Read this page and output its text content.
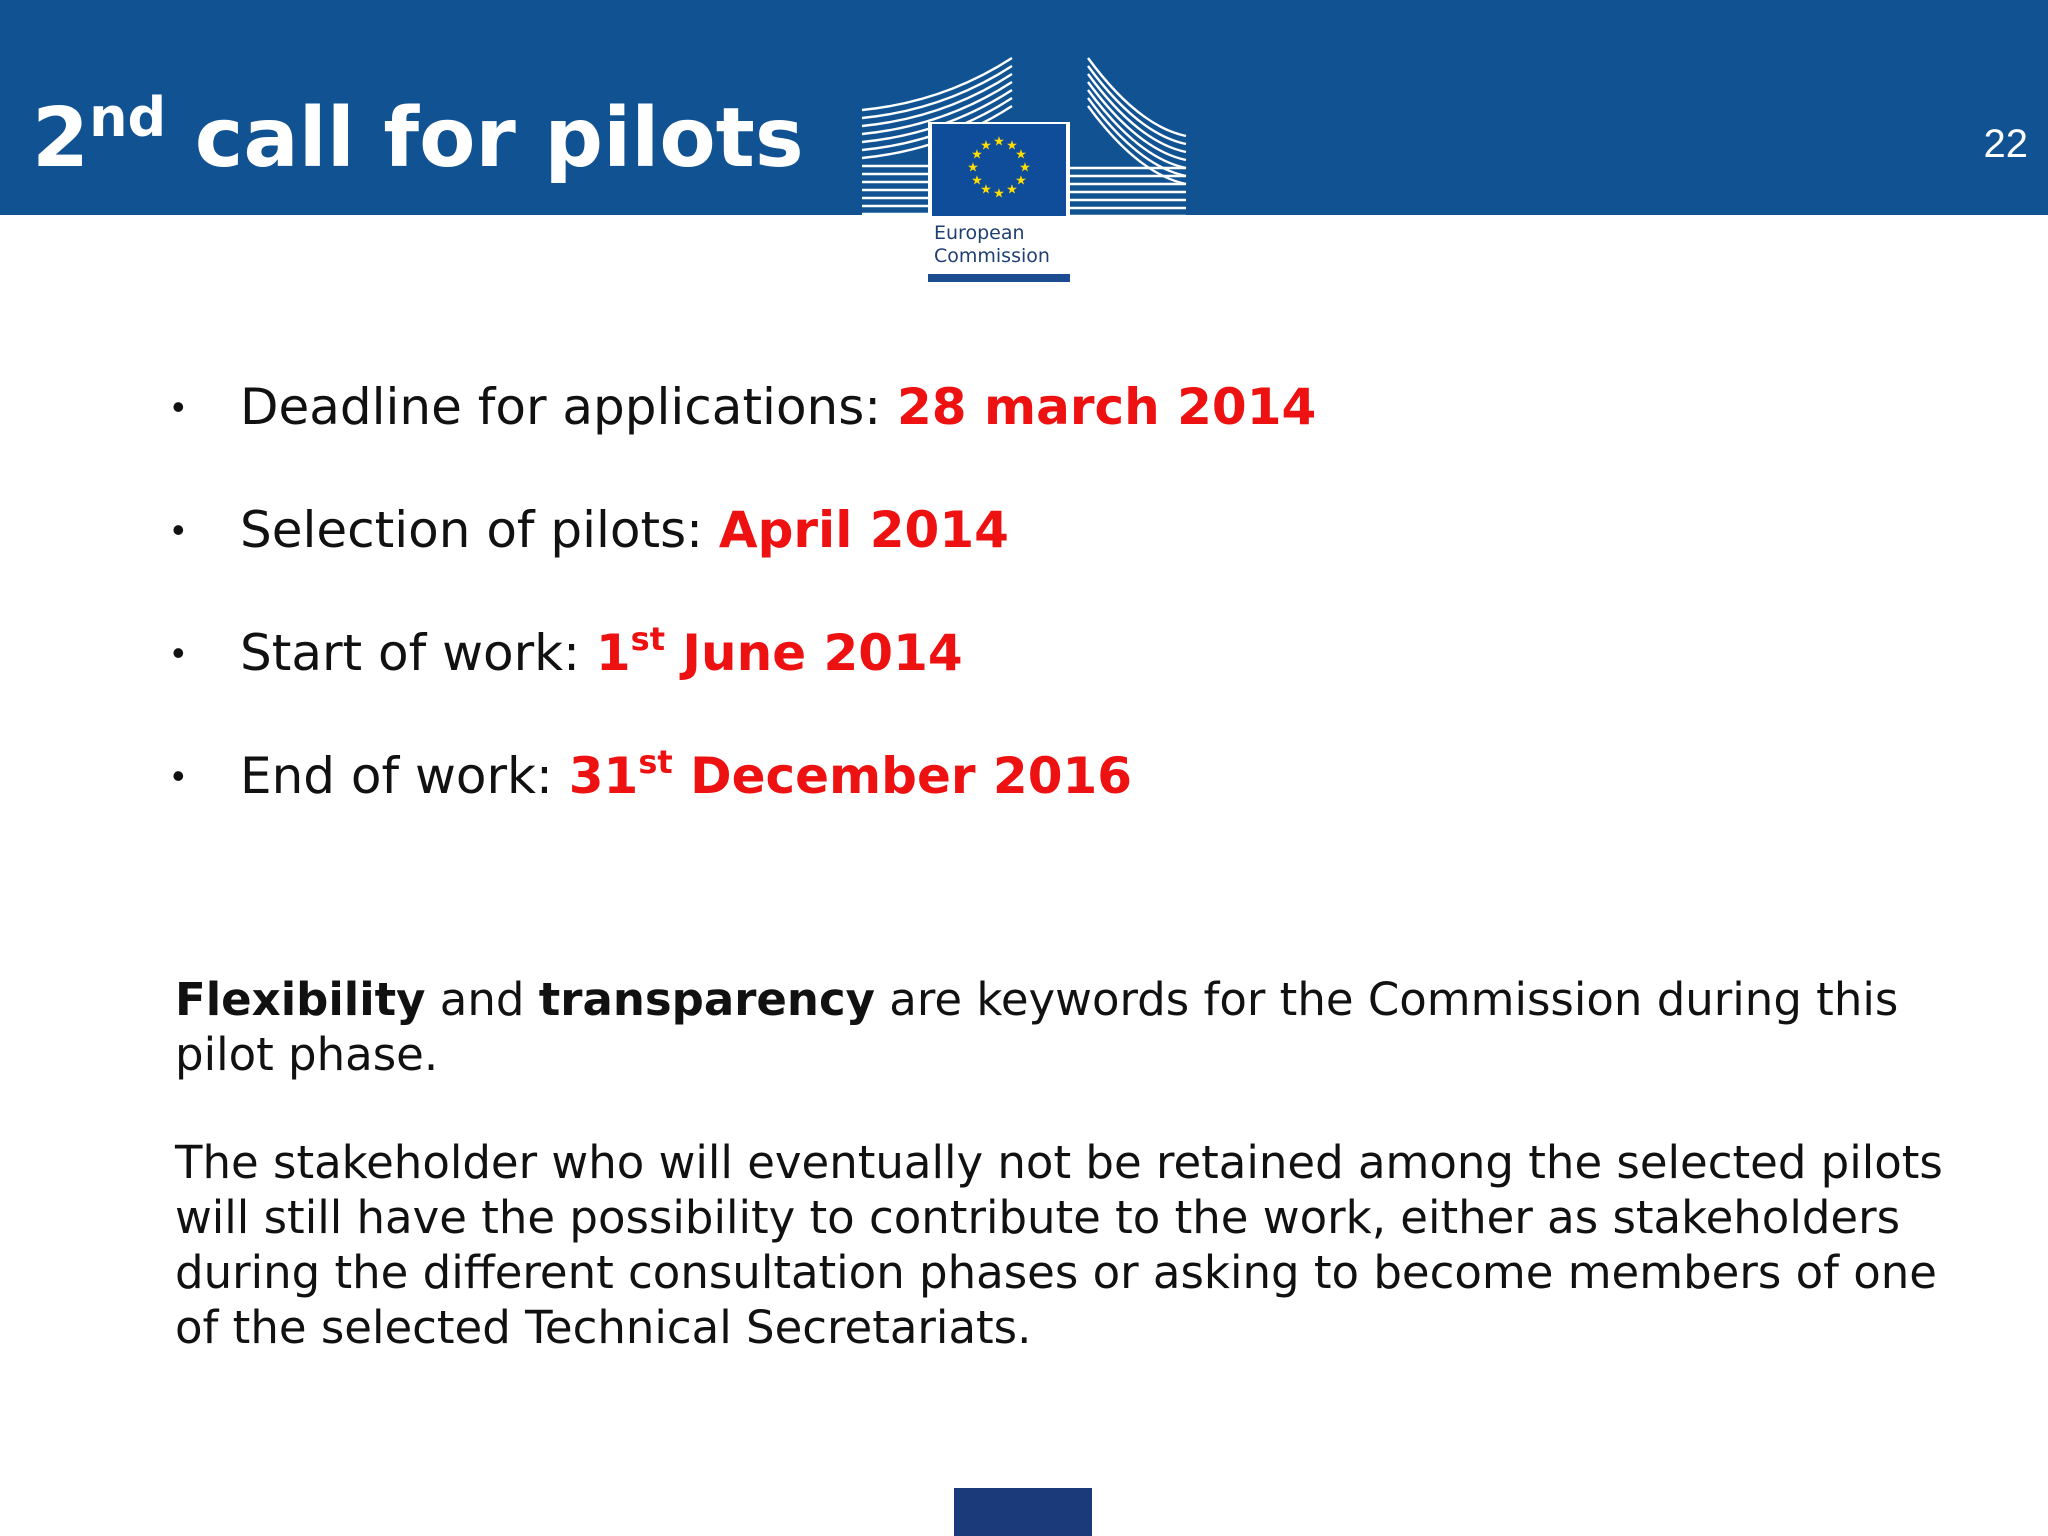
2nd call for pilots	22
★ ★
★
★
★
★
★
★
★
★
★
★
European
Commission
• Deadline for applications: 28 march 2014
• Selection of pilots: April 2014
• Start of work: 1st June 2014
• End of work: 31st December 2016

Flexibility and transparency are keywords for the Commission during this pilot phase.

The stakeholder who will eventually not be retained among the selected pilots will still have the possibility to contribute to the work, either as stakeholders during the different consultation phases or asking to become members of one of the selected Technical Secretariats.
